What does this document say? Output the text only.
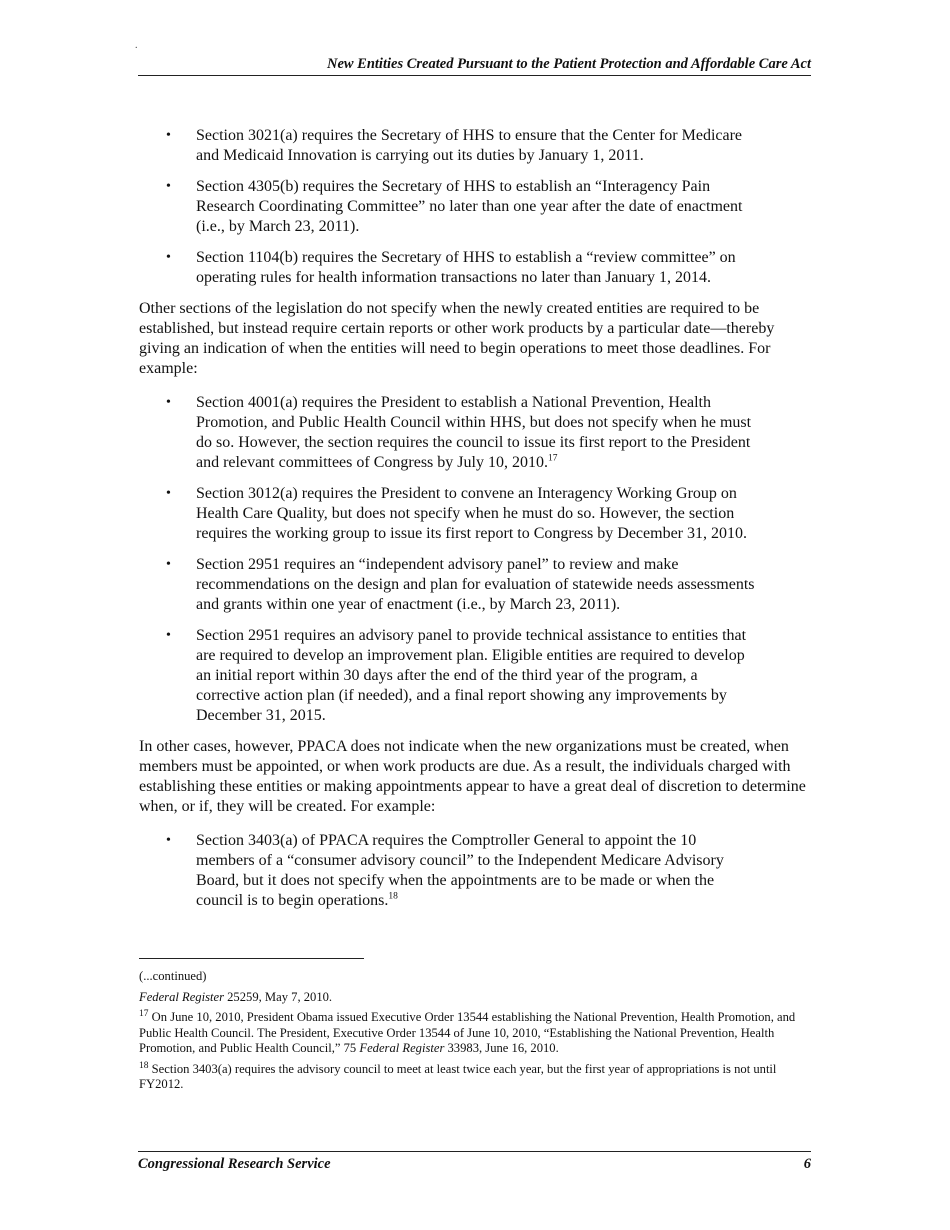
.
New Entities Created Pursuant to the Patient Protection and Affordable Care Act
• Section 3021(a) requires the Secretary of HHS to ensure that the Center for Medicare and Medicaid Innovation is carrying out its duties by January 1, 2011.
• Section 4305(b) requires the Secretary of HHS to establish an “Interagency Pain Research Coordinating Committee” no later than one year after the date of enactment (i.e., by March 23, 2011).
• Section 1104(b) requires the Secretary of HHS to establish a “review committee” on operating rules for health information transactions no later than January 1, 2014.

Other sections of the legislation do not specify when the newly created entities are required to be established, but instead require certain reports or other work products by a particular date—thereby giving an indication of when the entities will need to begin operations to meet those deadlines. For example:

• Section 4001(a) requires the President to establish a National Prevention, Health Promotion, and Public Health Council within HHS, but does not specify when he must do so. However, the section requires the council to issue its first report to the President and relevant committees of Congress by July 10, 2010.17
• Section 3012(a) requires the President to convene an Interagency Working Group on Health Care Quality, but does not specify when he must do so. However, the section requires the working group to issue its first report to Congress by December 31, 2010.
• Section 2951 requires an “independent advisory panel” to review and make recommendations on the design and plan for evaluation of statewide needs assessments and grants within one year of enactment (i.e., by March 23, 2011).
• Section 2951 requires an advisory panel to provide technical assistance to entities that are required to develop an improvement plan. Eligible entities are required to develop an initial report within 30 days after the end of the third year of the program, a corrective action plan (if needed), and a final report showing any improvements by December 31, 2015.

In other cases, however, PPACA does not indicate when the new organizations must be created, when members must be appointed, or when work products are due. As a result, the individuals charged with establishing these entities or making appointments appear to have a great deal of discretion to determine when, or if, they will be created. For example:

• Section 3403(a) of PPACA requires the Comptroller General to appoint the 10 members of a “consumer advisory council” to the Independent Medicare Advisory Board, but it does not specify when the appointments are to be made or when the council is to begin operations.$^{18}$

(...continued)

Federal Register 25259, May 7, 2010.

$^{17}$ On June 10, 2010, President Obama issued Executive Order 13544 establishing the National Prevention, Health Promotion, and Public Health Council. The President, Executive Order 13544 of June 10, 2010, “Establishing the National Prevention, Health Promotion, and Public Health Council,” 75 Federal Register 33983, June 16, 2010.

$^{18}$ Section 3403(a) requires the advisory council to meet at least twice each year, but the first year of appropriations is not until FY2012.

Congressional Research Service	6
